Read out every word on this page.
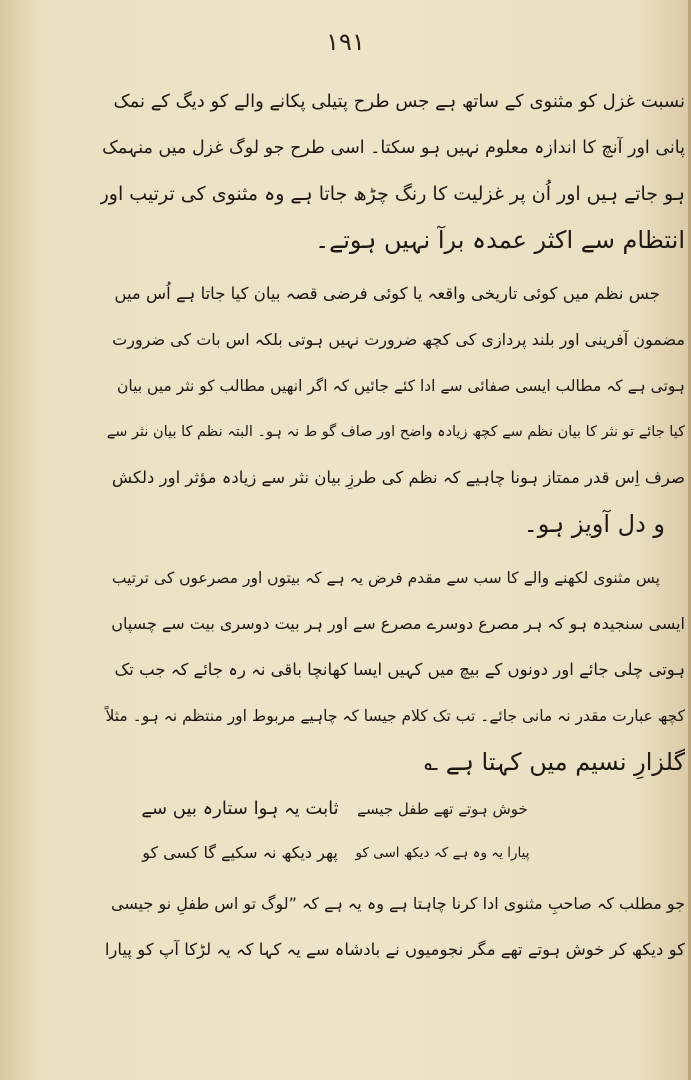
۱۹۱
نسبت غزل کو مثنوی کے ساتھ ہے جس طرح پتیلی پکانے والے کو دیگ کے نمک
پانی اور آنچ کا اندازہ معلوم نہیں ہو سکتا۔ اسی طرح جو لوگ غزل میں منہمک
ہو جاتے ہیں اور اُن پر غزلیت کا رنگ چڑھ جاتا ہے وہ مثنوی کی ترتیب اور
انتظام سے اکثر عمدہ برآ نہیں ہوتے۔
جس نظم میں کوئی تاریخی واقعہ یا کوئی فرضی قصہ بیان کیا جاتا ہے اُس میں
مضمون آفرینی اور بلند پردازی کی کچھ ضرورت نہیں ہوتی بلکہ اس بات کی ضرورت
ہوتی ہے کہ مطالب ایسی صفائی سے ادا کئے جائیں کہ اگر انھیں مطالب کو نثر میں بیان
کیا جائے تو نثر کا بیان نظم سے کچھ زیادہ واضح اور صاف گو ط نہ ہو۔ البتہ نظم کا بیان نثر سے
صرف اِس قدر ممتاز ہونا چاہیے کہ نظم کی طرزِ بیان نثر سے زیادہ مؤثر اور دلکش
و دل آویز ہو۔
پس مثنوی لکھنے والے کا سب سے مقدم فرض یہ ہے کہ بیتوں اور مصرعوں کی ترتیب
ایسی سنجیدہ ہو کہ ہر مصرع دوسرے مصرع سے اور ہر بیت دوسری بیت سے چسپاں
ہوتی چلی جائے اور دونوں کے بیچ میں کہیں ایسا کھانچا باقی نہ رہ جائے کہ جب تک
کچھ عبارت مقدر نہ مانی جائے۔ تب تک کلام جیسا کہ چاہیے مربوط اور منتظم نہ ہو۔ مثلاً
گلزارِ نسیم میں کہتا ہے ؎
خوش ہوتے تھے طفل جیسے
ثابت یہ ہوا ستارہ بیں سے
پیارا یہ وہ ہے کہ دیکھ اسی کو
پھر دیکھ نہ سکیے گا کسی کو
جو مطلب کہ صاحبِ مثنوی ادا کرنا چاہتا ہے وہ یہ ہے کہ ”لوگ تو اس طفلِ نو جیسی
کو دیکھ کر خوش ہوتے تھے مگر نجومیوں نے بادشاہ سے یہ کہا کہ یہ لڑکا آپ کو پیارا
